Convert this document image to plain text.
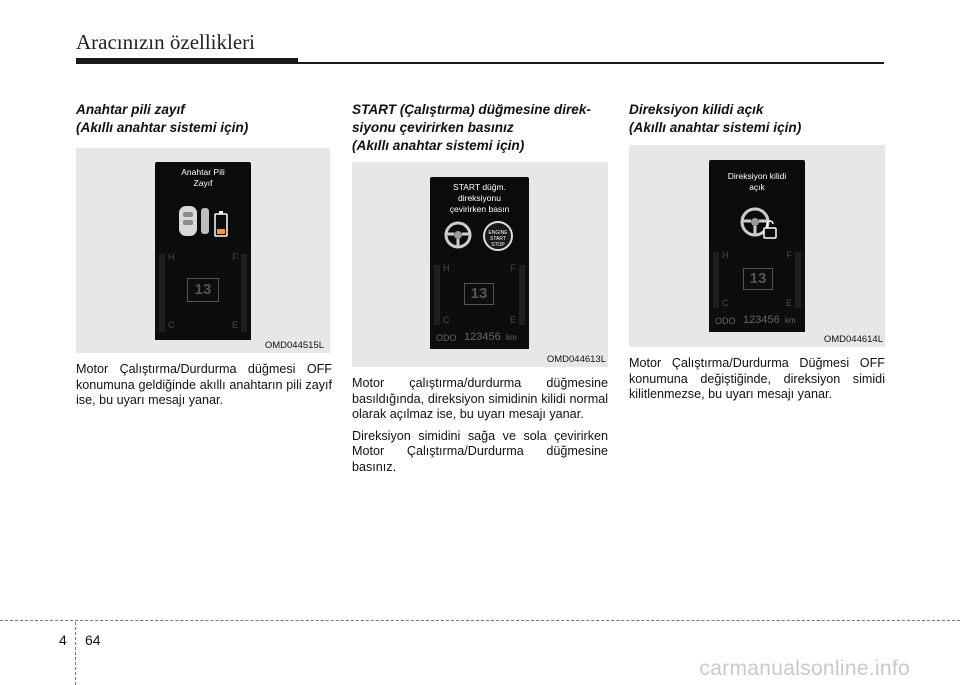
Aracınızın özellikleri
Anahtar pili zayıf
(Akıllı anahtar sistemi için)
Anahtar Pili
Zayıf
H	F
C	E
13
OMD044515L

Motor Çalıştırma/Durdurma düğmesi OFF konumuna geldiğinde akıllı anahtarın pili zayıf ise, bu uyarı mesajı yanar.

START (Çalıştırma) düğmesine direk-
siyonu çevirirken basınız
(Akıllı anahtar sistemi için)
START düğm.
direksiyonu
çevirirken basın
ENGINE
START
STOP
H	F
C	E
13
ODO 123456 km
OMD044613L

Motor çalıştırma/durdurma düğmesine basıldığında, direksiyon simidinin kilidi normal olarak açılmaz ise, bu uyarı mesajı yanar.

Direksiyon simidini sağa ve sola çevirirken Motor Çalıştırma/Durdurma düğmesine basınız.

Direksiyon kilidi açık
(Akıllı anahtar sistemi için)
Direksiyon kilidi
açık
H	F
C	E
13
ODO 123456 km
OMD044614L

Motor Çalıştırma/Durdurma Düğmesi OFF konumuna değiştiğinde, direksiyon simidi kilitlenmezse, bu uyarı mesajı yanar.

4 64
carmanualsonline.info
